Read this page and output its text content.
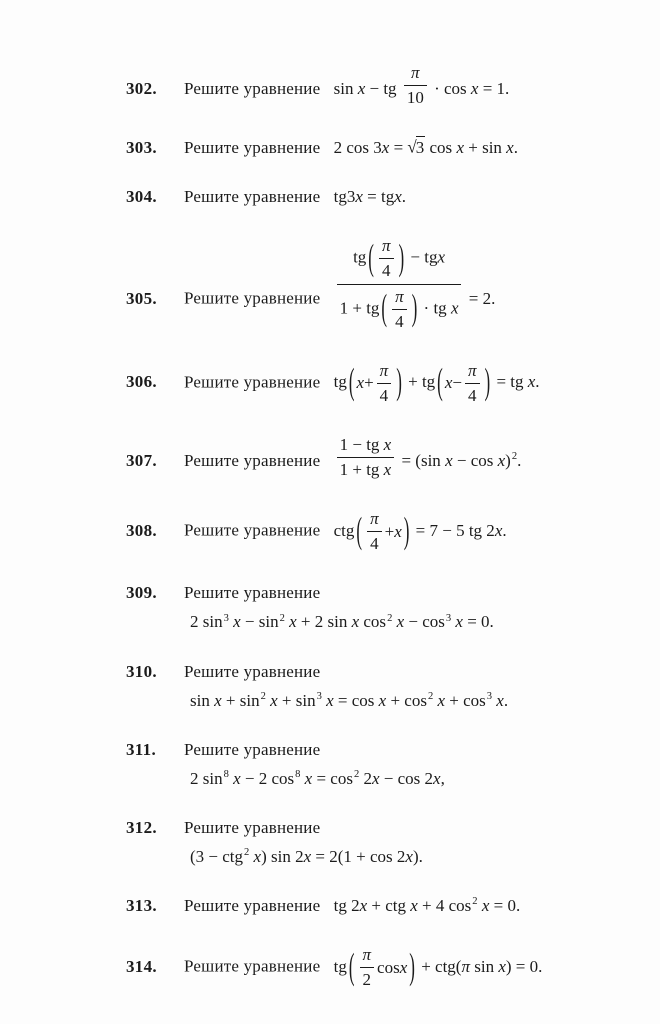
302.	Решите уравнение sin x − tg $\frac{\pi}{10} \cdot \cos x = 1$.
303.	Решите уравнение 2 cos 3x = √3 cos x + sin x.
304.	Решите уравнение tg3x = tgx.
305.	Решите уравнение $\frac{tg ( \frac{\pi}{4} ) - tgx}{1 + tg ( \frac{\pi}{4} ) \cdot tg x} = 2$.
306.	Решите уравнение tg ( $x + \frac{\pi}{4}$ ) + tg ( $x - \frac{\pi}{4}$ ) = tg x.
307.	Решите уравнение $\frac{\text{1 − tg x}}{\text{1 + tg x}} = (\sin$ x − cos x)$^2$.
308.	Решите уравнение ctg ( $\frac{\pi}{4} + x$ ) = 7 − 5 tg 2x.
309.	Решите уравнение
2 $\sin^3 x - \sin^2 x + 2$ sin x $\cos^2 x - \cos^3 x = 0$.
310.	Решите уравнение
$\sin x + \sin^2 x + \sin^3 x = \cos x + \cos^2 x + \cos^3 x$.
311.	Решите уравнение
2 $\sin^8 x - 2$ $\cos^8 x = \cos^2 2x - \cos 2x$,
312.	Решите уравнение
(3 − ctg$^2$ x) sin 2x = 2(1 + cos 2x).
313.	Решите уравнение tg 2x + ctg x + 4 $\cos^2 x = 0$.
314.	Решите уравнение tg ( $\frac{\pi}{2}$ cos x ) + ctg(π sin x) = 0.
